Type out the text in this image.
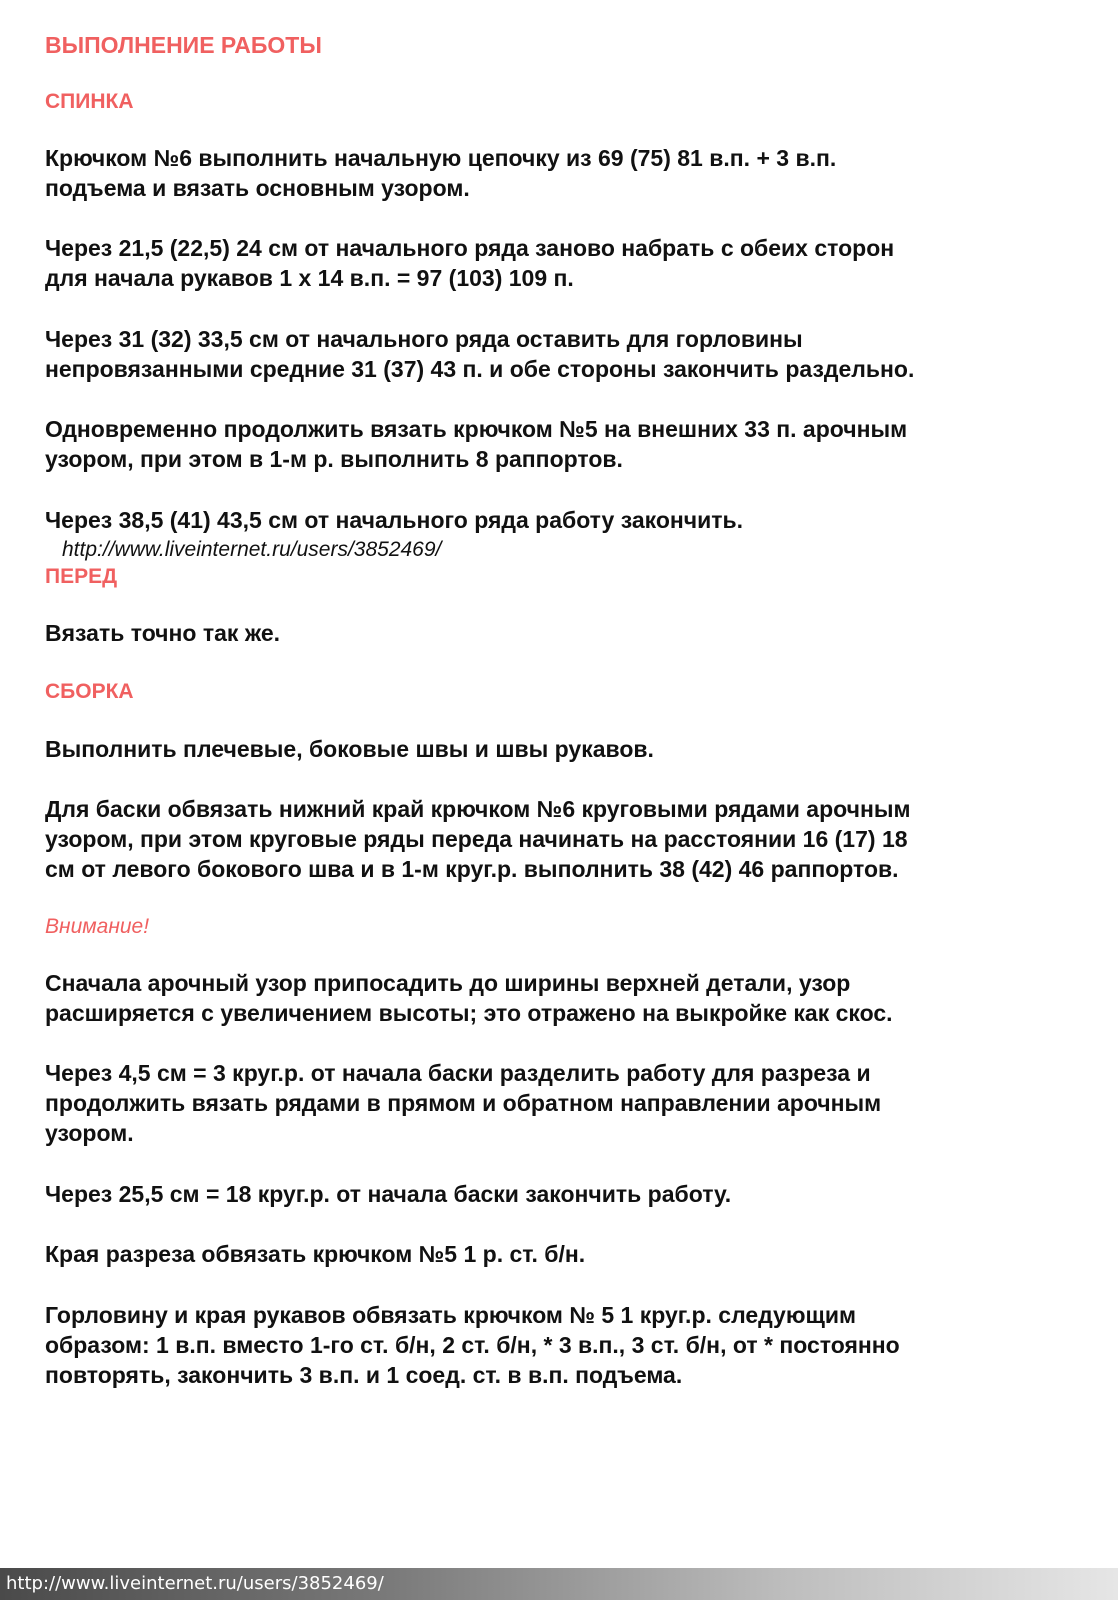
ВЫПОЛНЕНИЕ РАБОТЫ
СПИНКА
Крючком №6 выполнить начальную цепочку из 69 (75) 81 в.п. + 3 в.п.
подъема и вязать основным узором.
Через 21,5 (22,5) 24 см от начального ряда заново набрать с обеих сторон
для начала рукавов 1 х 14 в.п. = 97 (103) 109 п.
Через 31 (32) 33,5 см от начального ряда оставить для горловины
непровязанными средние 31 (37) 43 п. и обе стороны закончить раздельно.
Одновременно продолжить вязать крючком №5 на внешних 33 п. арочным
узором, при этом в 1-м р. выполнить 8 раппортов.
Через 38,5 (41) 43,5 см от начального ряда работу закончить.
http://www.liveinternet.ru/users/3852469/
ПЕРЕД
Вязать точно так же.
СБОРКА
Выполнить плечевые, боковые швы и швы рукавов.
Для баски обвязать нижний край крючком №6 круговыми рядами арочным
узором, при этом круговые ряды переда начинать на расстоянии 16 (17) 18
см от левого бокового шва и в 1-м круг.р. выполнить 38 (42) 46 раппортов.
Внимание!
Сначала арочный узор припосадить до ширины верхней детали, узор
расширяется с увеличением высоты; это отражено на выкройке как скос.
Через 4,5 см = 3 круг.р. от начала баски разделить работу для разреза и
продолжить вязать рядами в прямом и обратном направлении арочным
узором.
Через 25,5 см = 18 круг.р. от начала баски закончить работу.
Края разреза обвязать крючком №5 1 р. ст. б/н.
Горловину и края рукавов обвязать крючком № 5 1 круг.р. следующим
образом: 1 в.п. вместо 1-го ст. б/н, 2 ст. б/н, * 3 в.п., 3 ст. б/н, от * постоянно
повторять, закончить 3 в.п. и 1 соед. ст. в в.п. подъема.
http://www.liveinternet.ru/users/3852469/
